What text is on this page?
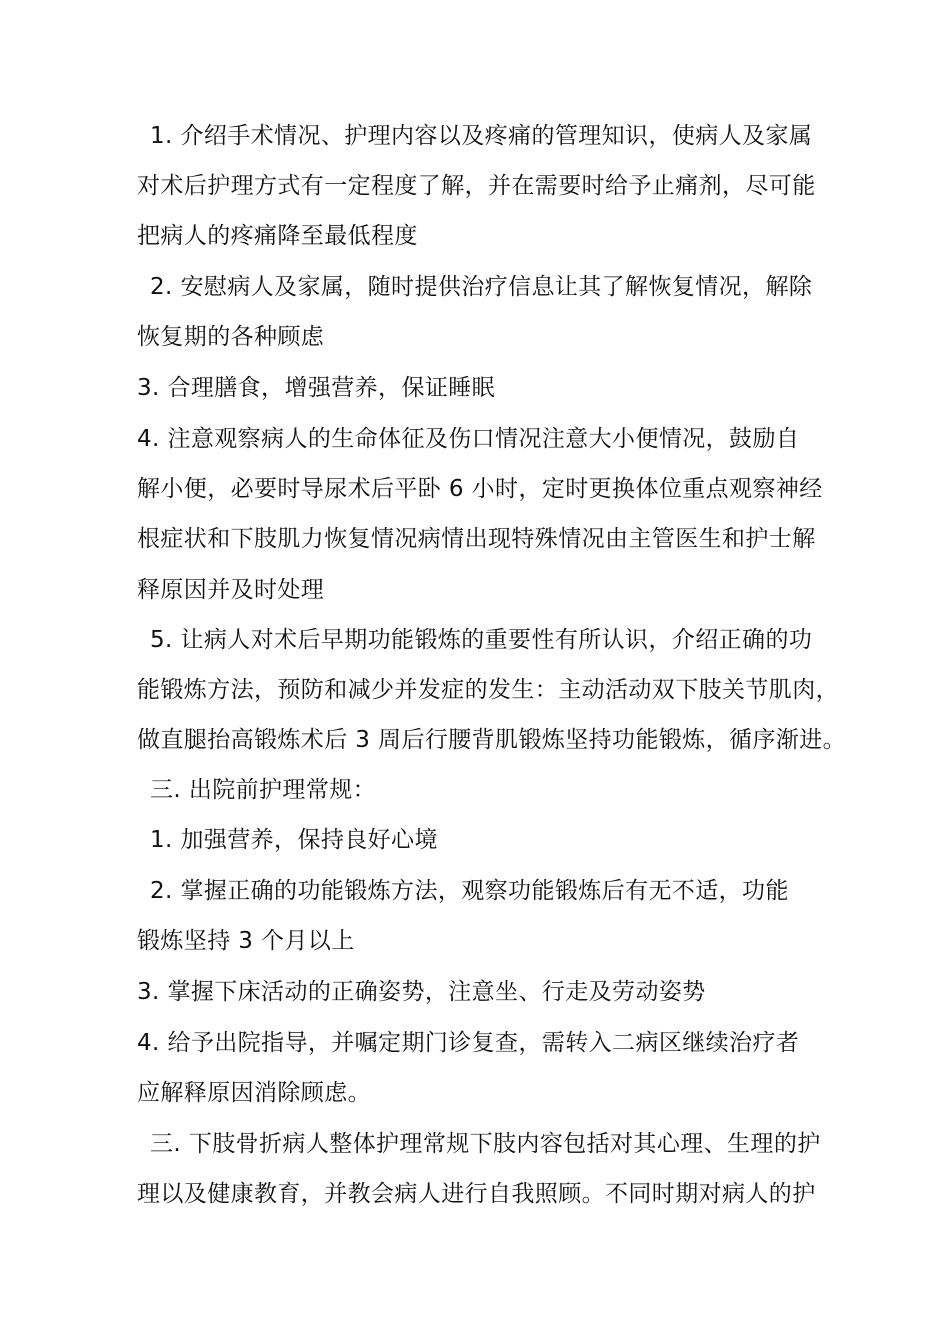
1. 介绍手术情况、护理内容以及疼痛的管理知识，使病人及家属

对术后护理方式有一定程度了解，并在需要时给予止痛剂，尽可能

把病人的疼痛降至最低程度

2. 安慰病人及家属，随时提供治疗信息让其了解恢复情况，解除

恢复期的各种顾虑

3. 合理膳食，增强营养，保证睡眠

4. 注意观察病人的生命体征及伤口情况注意大小便情况，鼓励自

解小便，必要时导尿术后平卧 6 小时，定时更换体位重点观察神经

根症状和下肢肌力恢复情况病情出现特殊情况由主管医生和护士解

释原因并及时处理

5. 让病人对术后早期功能锻炼的重要性有所认识，介绍正确的功

能锻炼方法，预防和减少并发症的发生：主动活动双下肢关节肌肉，

做直腿抬高锻炼术后 3 周后行腰背肌锻炼坚持功能锻炼，循序渐进。

三. 出院前护理常规：

1. 加强营养，保持良好心境

2. 掌握正确的功能锻炼方法，观察功能锻炼后有无不适，功能

锻炼坚持 3 个月以上

3. 掌握下床活动的正确姿势，注意坐、行走及劳动姿势

4. 给予出院指导，并嘱定期门诊复查，需转入二病区继续治疗者

应解释原因消除顾虑。

三. 下肢骨折病人整体护理常规下肢内容包括对其心理、生理的护

理以及健康教育，并教会病人进行自我照顾。不同时期对病人的护
